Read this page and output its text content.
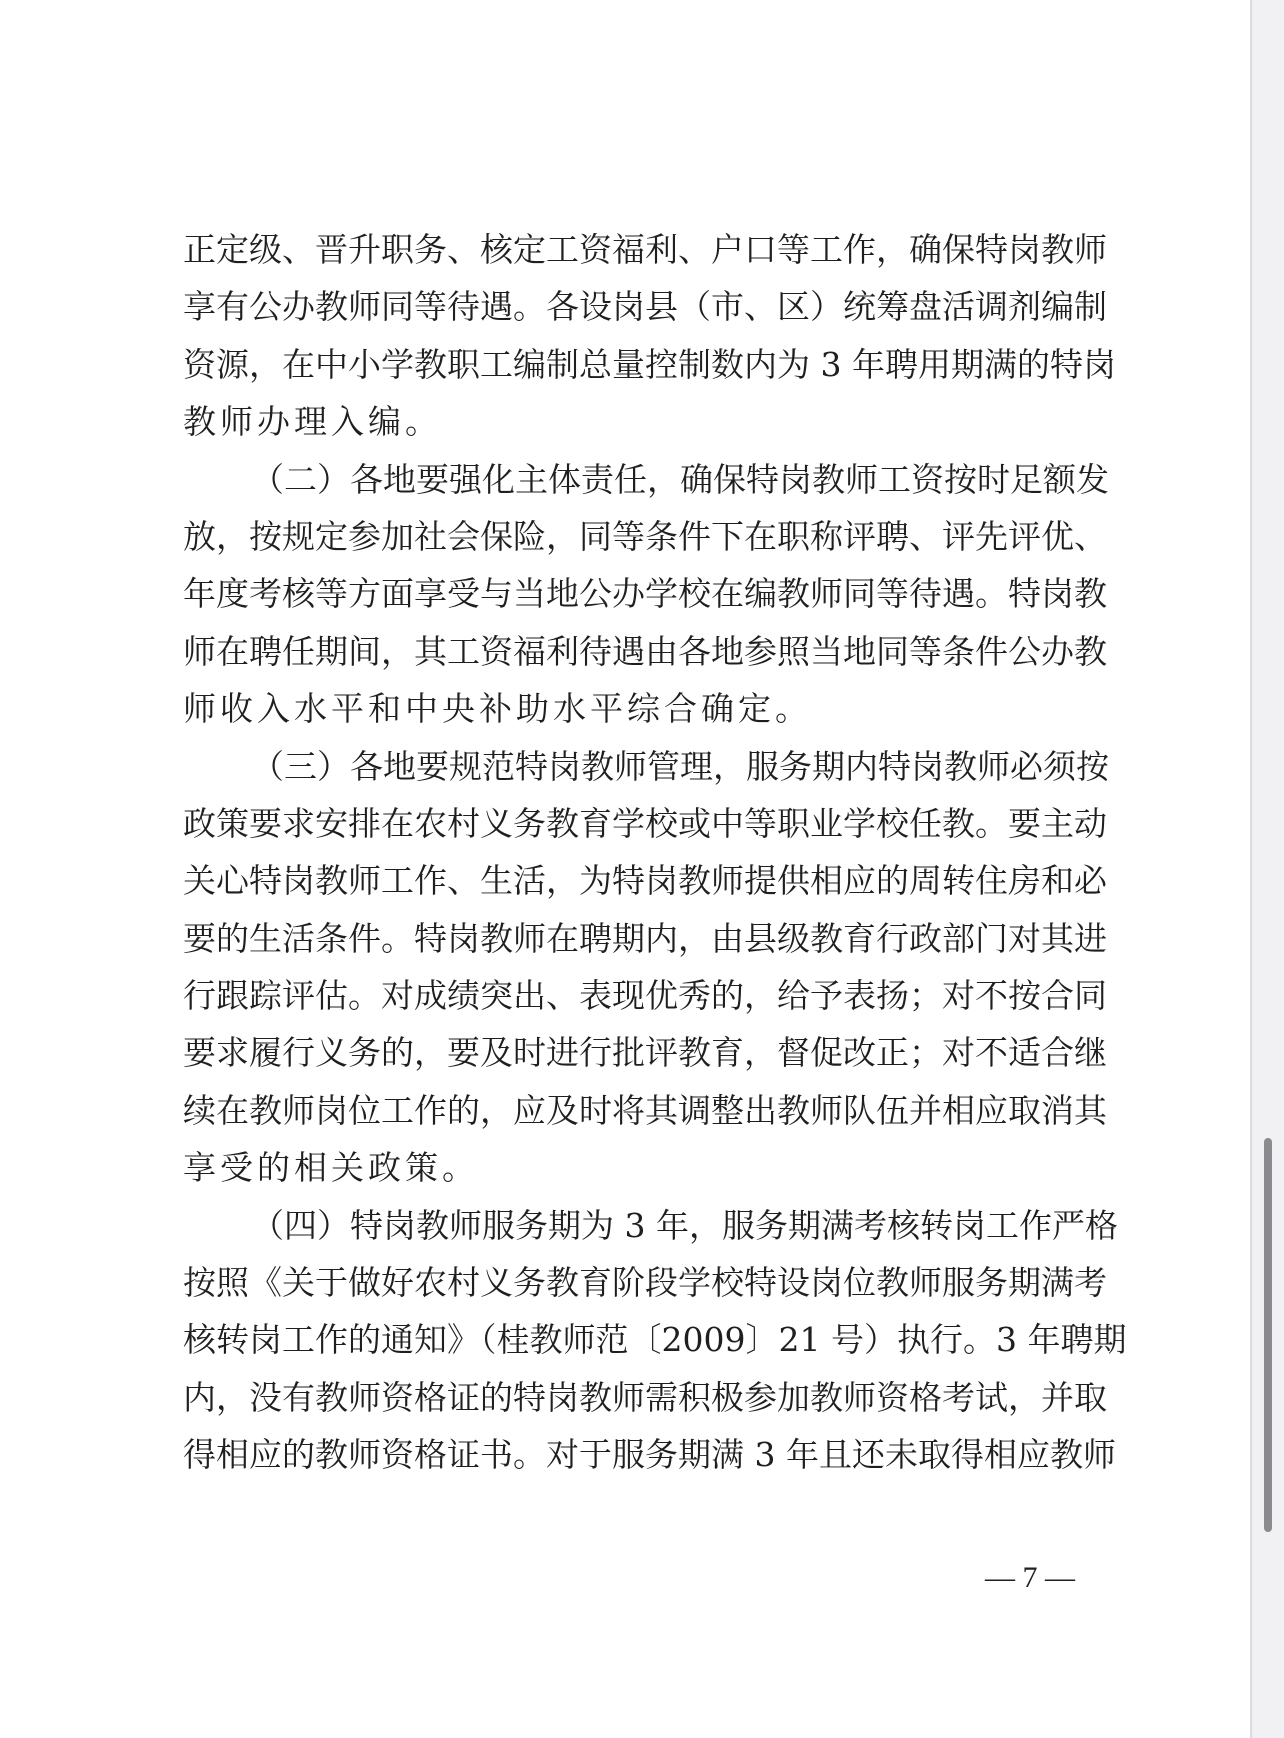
正定级、晋升职务、核定工资福利、户口等工作，确保特岗教师
享有公办教师同等待遇。各设岗县（市、区）统筹盘活调剂编制
资源，在中小学教职工编制总量控制数内为 3 年聘用期满的特岗
教师办理入编。
（二）各地要强化主体责任，确保特岗教师工资按时足额发
放，按规定参加社会保险，同等条件下在职称评聘、评先评优、
年度考核等方面享受与当地公办学校在编教师同等待遇。特岗教
师在聘任期间，其工资福利待遇由各地参照当地同等条件公办教
师收入水平和中央补助水平综合确定。
（三）各地要规范特岗教师管理，服务期内特岗教师必须按
政策要求安排在农村义务教育学校或中等职业学校任教。要主动
关心特岗教师工作、生活，为特岗教师提供相应的周转住房和必
要的生活条件。特岗教师在聘期内，由县级教育行政部门对其进
行跟踪评估。对成绩突出、表现优秀的，给予表扬；对不按合同
要求履行义务的，要及时进行批评教育，督促改正；对不适合继
续在教师岗位工作的，应及时将其调整出教师队伍并相应取消其
享受的相关政策。
（四）特岗教师服务期为 3 年，服务期满考核转岗工作严格
按照《关于做好农村义务教育阶段学校特设岗位教师服务期满考
核转岗工作的通知》（桂教师范〔2009〕21 号）执行。3 年聘期
内，没有教师资格证的特岗教师需积极参加教师资格考试，并取
得相应的教师资格证书。对于服务期满 3 年且还未取得相应教师
— 7 —
